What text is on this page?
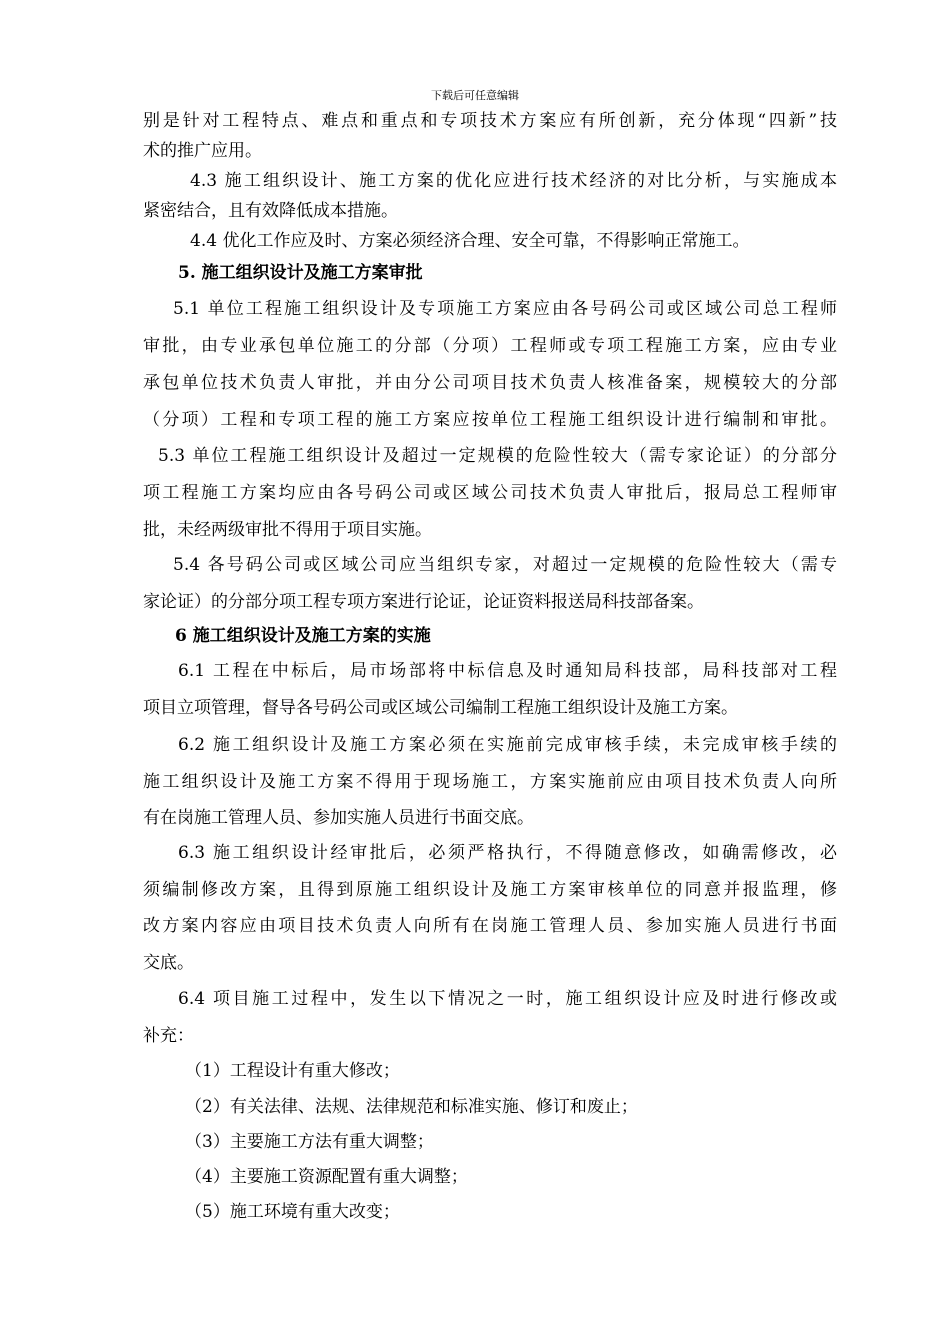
下载后可任意编辑
别是针对工程特点、难点和重点和专项技术方案应有所创新，充分体现“四新”技
术的推广应用。
4.3 施工组织设计、施工方案的优化应进行技术经济的对比分析，与实施成本
紧密结合，且有效降低成本措施。
4.4 优化工作应及时、方案必须经济合理、安全可靠，不得影响正常施工。
5. 施工组织设计及施工方案审批
5.1 单位工程施工组织设计及专项施工方案应由各号码公司或区域公司总工程师
审批，由专业承包单位施工的分部（分项）工程师或专项工程施工方案，应由专业
承包单位技术负责人审批，并由分公司项目技术负责人核准备案，规模较大的分部
（分项）工程和专项工程的施工方案应按单位工程施工组织设计进行编制和审批。
5.3 单位工程施工组织设计及超过一定规模的危险性较大（需专家论证）的分部分
项工程施工方案均应由各号码公司或区域公司技术负责人审批后，报局总工程师审
批，未经两级审批不得用于项目实施。
5.4 各号码公司或区域公司应当组织专家，对超过一定规模的危险性较大（需专
家论证）的分部分项工程专项方案进行论证，论证资料报送局科技部备案。
6 施工组织设计及施工方案的实施
6.1 工程在中标后，局市场部将中标信息及时通知局科技部，局科技部对工程
项目立项管理，督导各号码公司或区域公司编制工程施工组织设计及施工方案。
6.2 施工组织设计及施工方案必须在实施前完成审核手续，未完成审核手续的
施工组织设计及施工方案不得用于现场施工，方案实施前应由项目技术负责人向所
有在岗施工管理人员、参加实施人员进行书面交底。
6.3 施工组织设计经审批后，必须严格执行，不得随意修改，如确需修改，必
须编制修改方案，且得到原施工组织设计及施工方案审核单位的同意并报监理，修
改方案内容应由项目技术负责人向所有在岗施工管理人员、参加实施人员进行书面
交底。
6.4 项目施工过程中，发生以下情况之一时，施工组织设计应及时进行修改或
补充：
（1）工程设计有重大修改；
（2）有关法律、法规、法律规范和标准实施、修订和废止；
（3）主要施工方法有重大调整；
（4）主要施工资源配置有重大调整；
（5）施工环境有重大改变；
